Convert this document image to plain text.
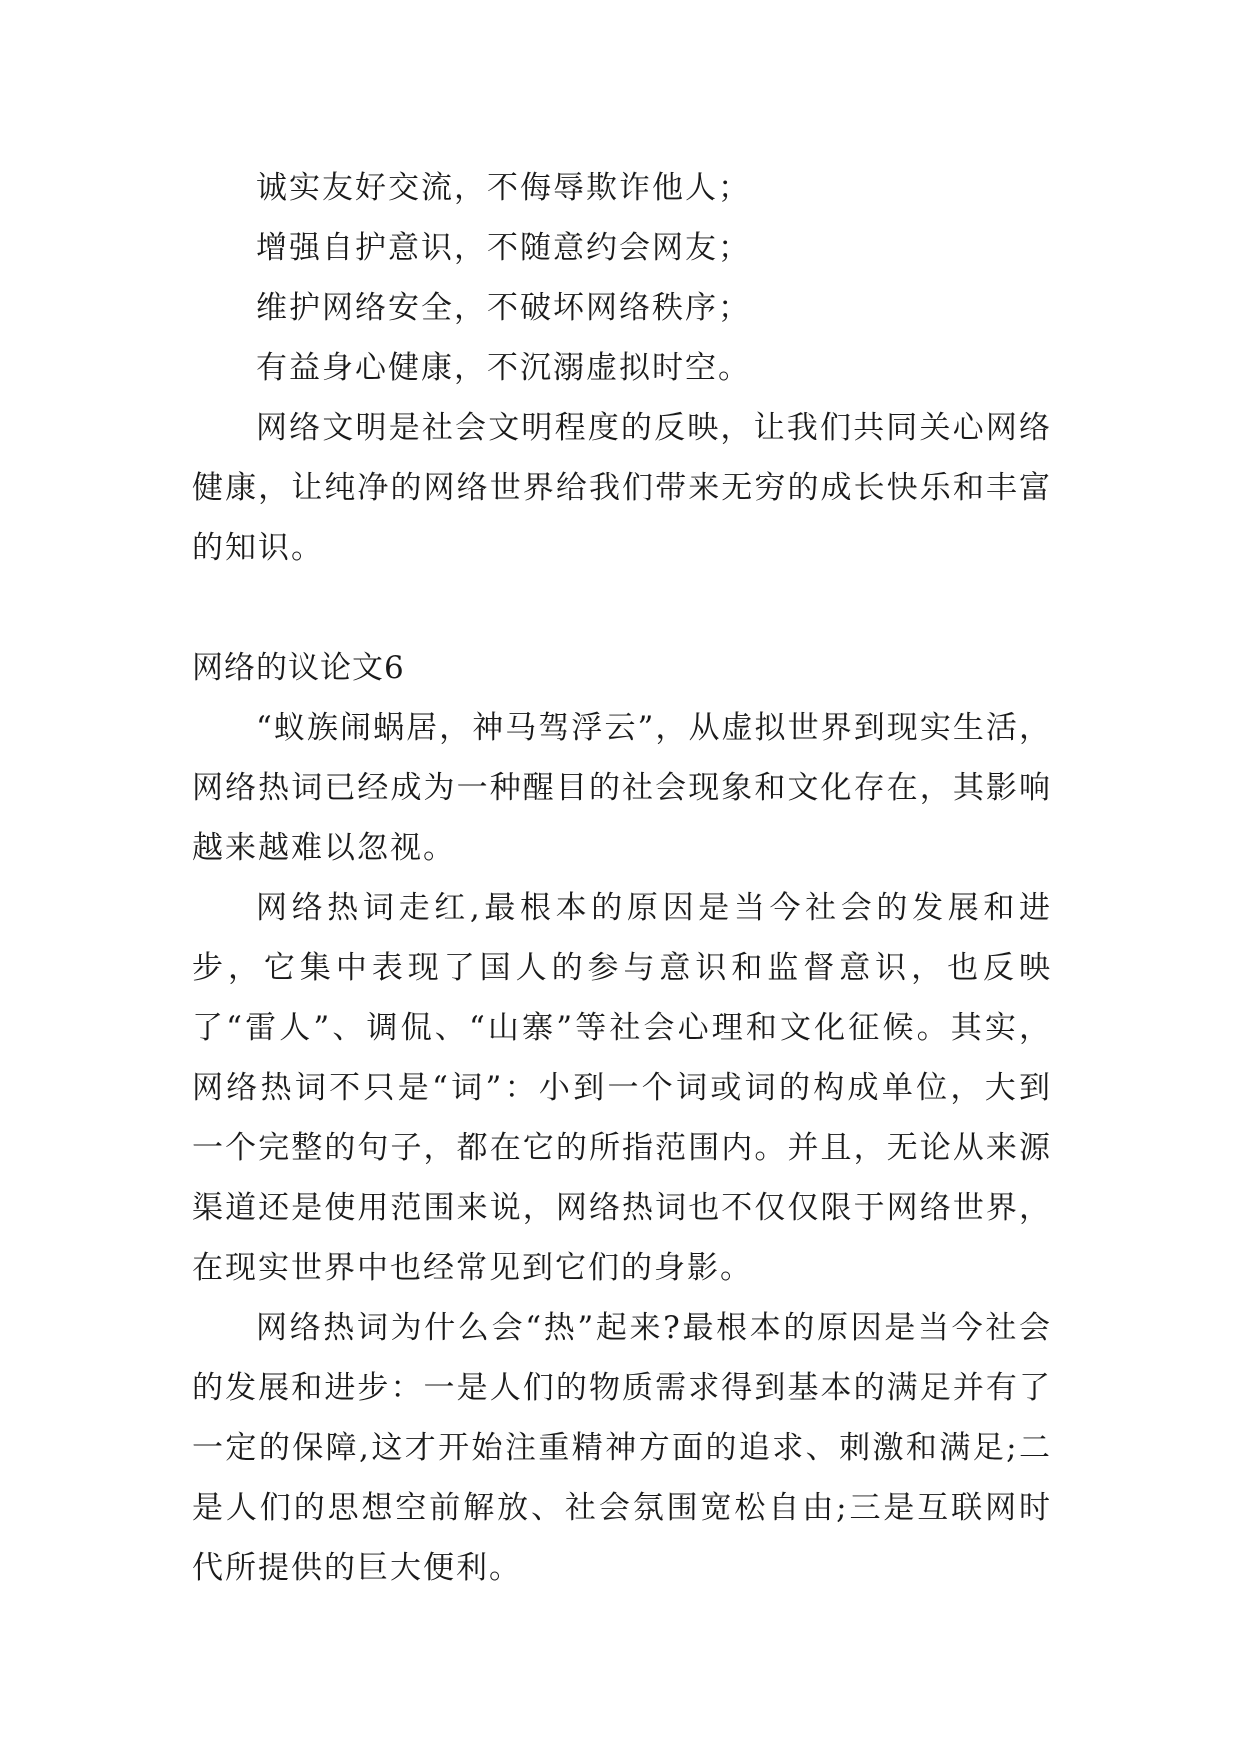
诚实友好交流，不侮辱欺诈他人；

增强自护意识，不随意约会网友；

维护网络安全，不破坏网络秩序；

有益身心健康，不沉溺虚拟时空。

网络文明是社会文明程度的反映，让我们共同关心网络健康，让纯净的网络世界给我们带来无穷的成长快乐和丰富的知识。

网络的议论文6

“蚁族闹蜗居，神马驾浮云”，从虚拟世界到现实生活，网络热词已经成为一种醒目的社会现象和文化存在，其影响越来越难以忽视。

网络热词走红,最根本的原因是当今社会的发展和进步，它集中表现了国人的参与意识和监督意识，也反映了“雷人”、调侃、“山寨”等社会心理和文化征候。其实，网络热词不只是“词”：小到一个词或词的构成单位，大到一个完整的句子，都在它的所指范围内。并且，无论从来源渠道还是使用范围来说，网络热词也不仅仅限于网络世界，在现实世界中也经常见到它们的身影。

网络热词为什么会“热”起来?最根本的原因是当今社会的发展和进步：一是人们的物质需求得到基本的满足并有了一定的保障,这才开始注重精神方面的追求、刺激和满足;二是人们的思想空前解放、社会氛围宽松自由;三是互联网时代所提供的巨大便利。
